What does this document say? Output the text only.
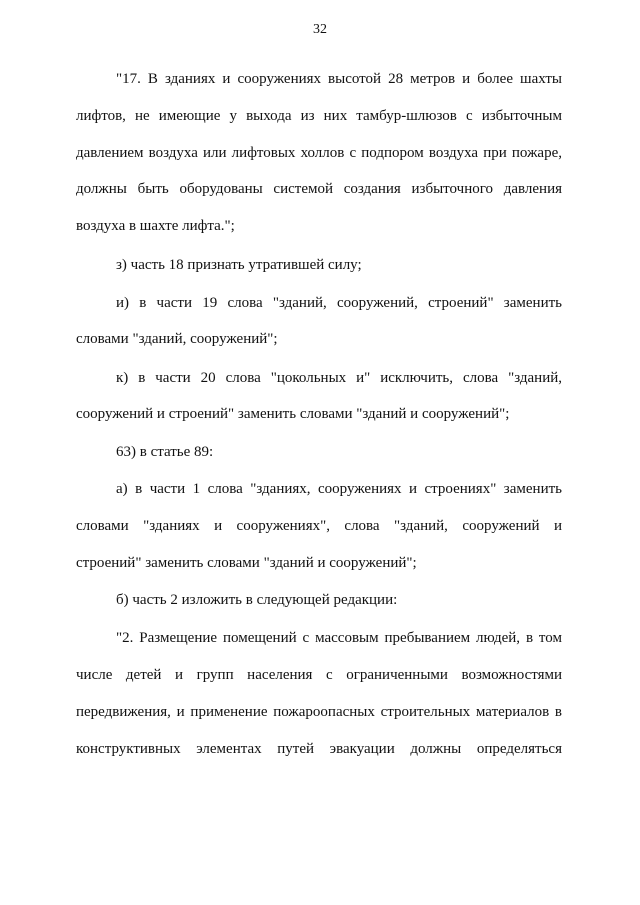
32
"17. В зданиях и сооружениях высотой 28 метров и более шахты
лифтов, не имеющие у выхода из них тамбур-шлюзов с избыточным
давлением воздуха или лифтовых холлов с подпором воздуха при пожаре,
должны быть оборудованы системой создания избыточного давления
воздуха в шахте лифта.";
з) часть 18 признать утратившей силу;
и) в части 19 слова "зданий, сооружений, строений" заменить
словами "зданий, сооружений";
к) в части 20 слова "цокольных и" исключить, слова "зданий,
сооружений и строений" заменить словами "зданий и сооружений";
63) в статье 89:
а) в части 1 слова "зданиях, сооружениях и строениях" заменить
словами "зданиях и сооружениях", слова "зданий, сооружений и
строений" заменить словами "зданий и сооружений";
б) часть 2 изложить в следующей редакции:
"2. Размещение помещений с массовым пребыванием людей, в том
числе детей и групп населения с ограниченными возможностями
передвижения, и применение пожароопасных строительных материалов в
конструктивных элементах путей эвакуации должны определяться
